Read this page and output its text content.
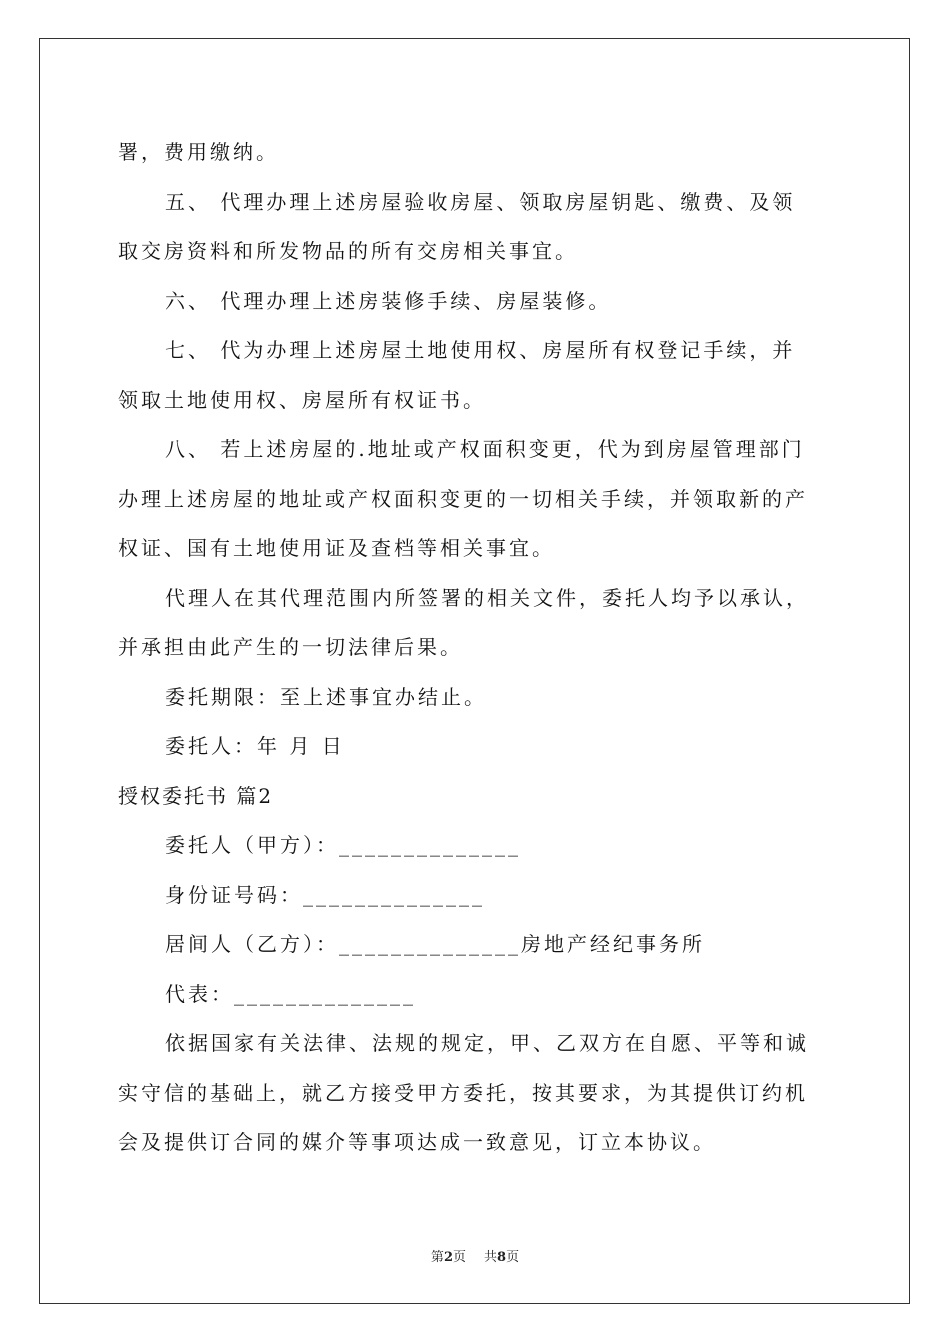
署，费用缴纳。
五、 代理办理上述房屋验收房屋、领取房屋钥匙、缴费、及领
取交房资料和所发物品的所有交房相关事宜。
六、 代理办理上述房装修手续、房屋装修。
七、 代为办理上述房屋土地使用权、房屋所有权登记手续，并
领取土地使用权、房屋所有权证书。
八、 若上述房屋的.地址或产权面积变更，代为到房屋管理部门
办理上述房屋的地址或产权面积变更的一切相关手续，并领取新的产
权证、国有土地使用证及查档等相关事宜。
代理人在其代理范围内所签署的相关文件，委托人均予以承认，
并承担由此产生的一切法律后果。
委托期限：至上述事宜办结止。
委托人：年 月 日
授权委托书 篇2
委托人（甲方）：______________
身份证号码：______________
居间人（乙方）：______________房地产经纪事务所
代表：______________
依据国家有关法律、法规的规定，甲、乙双方在自愿、平等和诚
实守信的基础上，就乙方接受甲方委托，按其要求，为其提供订约机
会及提供订合同的媒介等事项达成一致意见，订立本协议。
第2页 共8页
